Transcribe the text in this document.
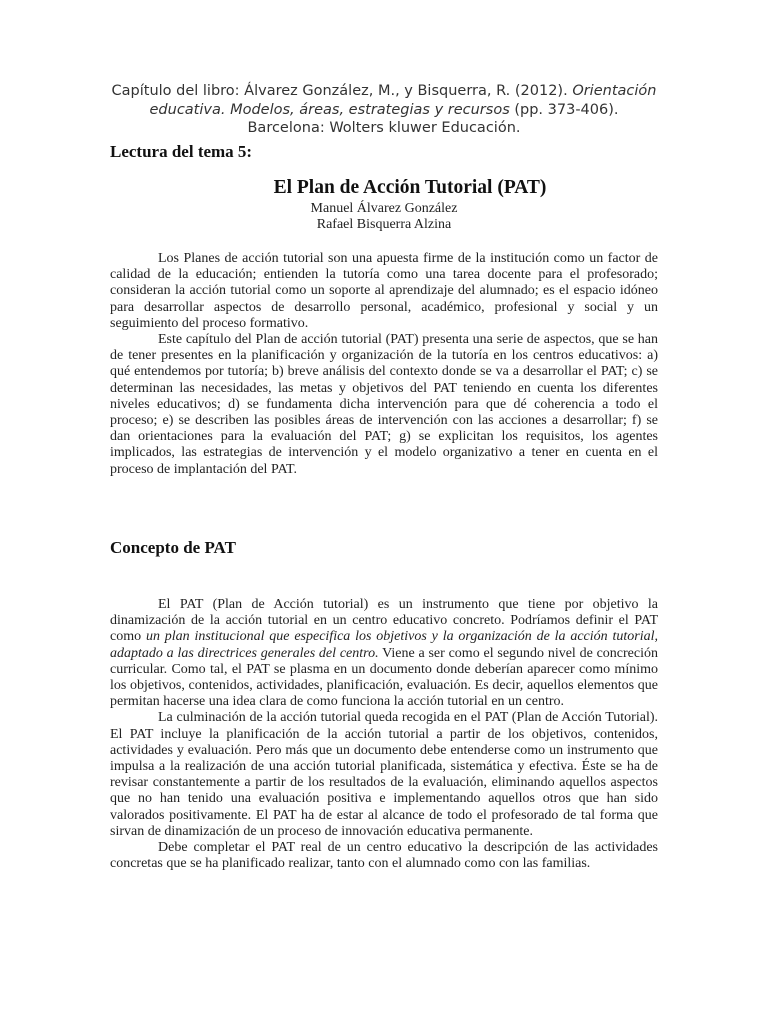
Capítulo del libro: Álvarez González, M., y Bisquerra, R. (2012). Orientación educativa. Modelos, áreas, estrategias y recursos (pp. 373-406). Barcelona: Wolters kluwer Educación.
Lectura del tema 5:
El Plan de Acción Tutorial (PAT)
Manuel Álvarez González
Rafael Bisquerra Alzina

Los Planes de acción tutorial son una apuesta firme de la institución como un factor de calidad de la educación; entienden la tutoría como una tarea docente para el profesorado; consideran la acción tutorial como un soporte al aprendizaje del alumnado; es el espacio idóneo para desarrollar aspectos de desarrollo personal, académico, profesional y social y un seguimiento del proceso formativo.

Este capítulo del Plan de acción tutorial (PAT) presenta una serie de aspectos, que se han de tener presentes en la planificación y organización de la tutoría en los centros educativos: a) qué entendemos por tutoría; b) breve análisis del contexto donde se va a desarrollar el PAT; c) se determinan las necesidades, las metas y objetivos del PAT teniendo en cuenta los diferentes niveles educativos; d) se fundamenta dicha intervención para que dé coherencia a todo el proceso; e) se describen las posibles áreas de intervención con las acciones a desarrollar; f) se dan orientaciones para la evaluación del PAT; g) se explicitan los requisitos, los agentes implicados, las estrategias de intervención y el modelo organizativo a tener en cuenta en el proceso de implantación del PAT.

Concepto de PAT

El PAT (Plan de Acción tutorial) es un instrumento que tiene por objetivo la dinamización de la acción tutorial en un centro educativo concreto. Podríamos definir el PAT como un plan institucional que especifica los objetivos y la organización de la acción tutorial, adaptado a las directrices generales del centro. Viene a ser como el segundo nivel de concreción curricular. Como tal, el PAT se plasma en un documento donde deberían aparecer como mínimo los objetivos, contenidos, actividades, planificación, evaluación. Es decir, aquellos elementos que permitan hacerse una idea clara de como funciona la acción tutorial en un centro.

La culminación de la acción tutorial queda recogida en el PAT (Plan de Acción Tutorial). El PAT incluye la planificación de la acción tutorial a partir de los objetivos, contenidos, actividades y evaluación. Pero más que un documento debe entenderse como un instrumento que impulsa a la realización de una acción tutorial planificada, sistemática y efectiva. Éste se ha de revisar constantemente a partir de los resultados de la evaluación, eliminando aquellos aspectos que no han tenido una evaluación positiva e implementando aquellos otros que han sido valorados positivamente. El PAT ha de estar al alcance de todo el profesorado de tal forma que sirvan de dinamización de un proceso de innovación educativa permanente.

Debe completar el PAT real de un centro educativo la descripción de las actividades concretas que se ha planificado realizar, tanto con el alumnado como con las familias.
